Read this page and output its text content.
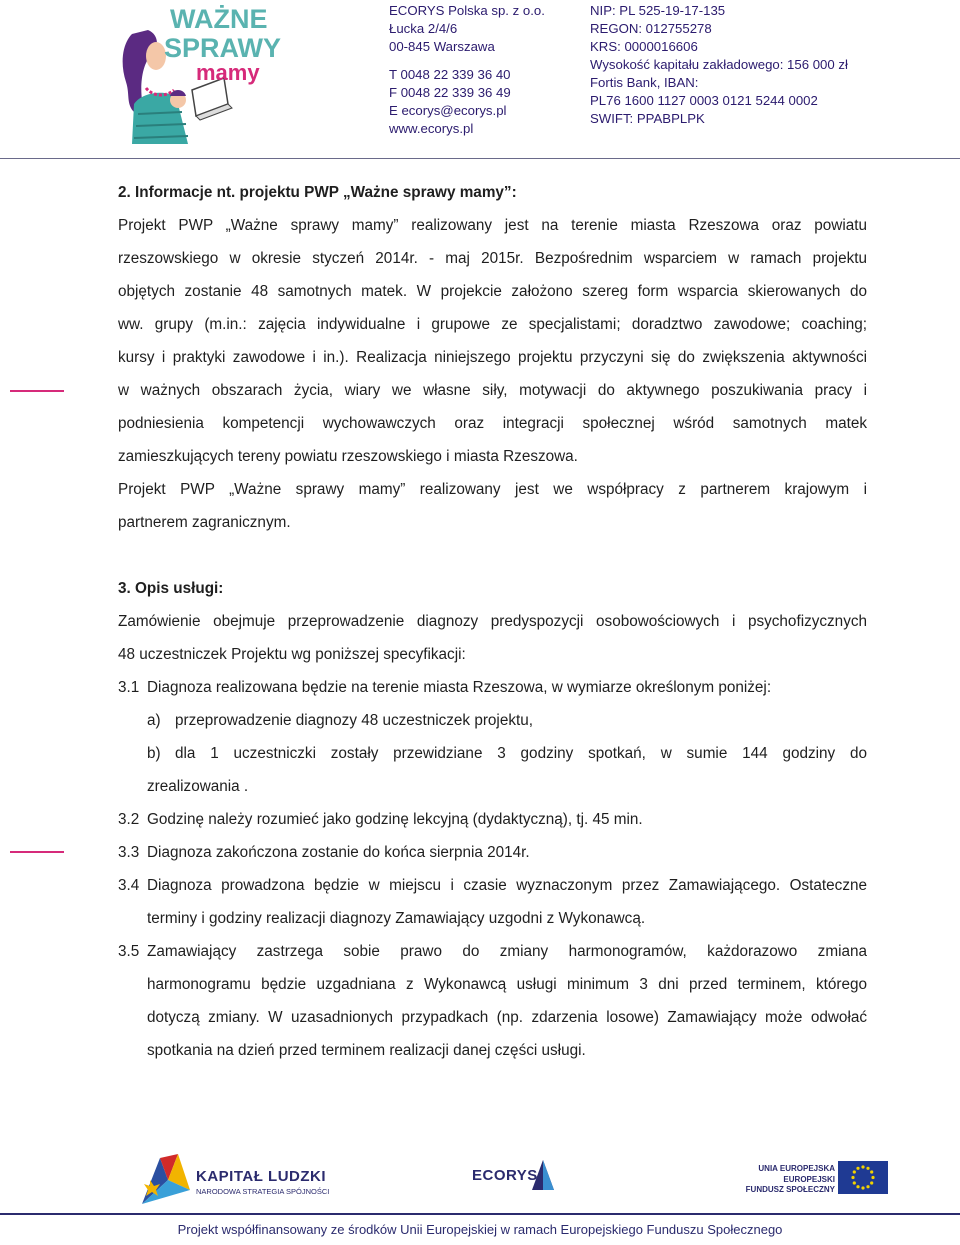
WAŻNE
SPRAWY
mamy
ECORYS Polska sp. z o.o.
Łucka 2/4/6
00-845 Warszawa
T 0048 22 339 36 40
F 0048 22 339 36 49
E ecorys@ecorys.pl
www.ecorys.pl
NIP: PL 525-19-17-135
REGON: 012755278
KRS: 0000016606
Wysokość kapitału zakładowego: 156 000 zł
Fortis Bank, IBAN:
PL76 1600 1127 0003 0121 5244 0002
SWIFT: PPABPLPK
2. Informacje nt. projektu PWP „Ważne sprawy mamy”:
Projekt PWP „Ważne sprawy mamy” realizowany jest na terenie miasta Rzeszowa oraz powiatu
rzeszowskiego w okresie styczeń 2014r. - maj 2015r. Bezpośrednim wsparciem w ramach projektu
objętych zostanie 48 samotnych matek. W projekcie założono szereg form wsparcia skierowanych do
ww. grupy (m.in.: zajęcia indywidualne i grupowe ze specjalistami; doradztwo zawodowe; coaching;
kursy i praktyki zawodowe i in.). Realizacja niniejszego projektu przyczyni się do zwiększenia aktywności
w ważnych obszarach życia, wiary we własne siły, motywacji do aktywnego poszukiwania pracy i
podniesienia kompetencji wychowawczych oraz integracji społecznej wśród samotnych matek
zamieszkujących tereny powiatu rzeszowskiego i miasta Rzeszowa.
Projekt PWP „Ważne sprawy mamy” realizowany jest we współpracy z partnerem krajowym i
partnerem zagranicznym.
3. Opis usługi:
Zamówienie obejmuje przeprowadzenie diagnozy predyspozycji osobowościowych i psychofizycznych
48 uczestniczek Projektu wg poniższej specyfikacji:
3.1 Diagnoza realizowana będzie na terenie miasta Rzeszowa, w wymiarze określonym poniżej:
a) przeprowadzenie diagnozy 48 uczestniczek projektu,
b) dla 1 uczestniczki zostały przewidziane 3 godziny spotkań, w sumie 144 godziny do
zrealizowania .
3.2 Godzinę należy rozumieć jako godzinę lekcyjną (dydaktyczną), tj. 45 min.
3.3 Diagnoza zakończona zostanie do końca sierpnia 2014r.
3.4 Diagnoza prowadzona będzie w miejscu i czasie wyznaczonym przez Zamawiającego. Ostateczne
terminy i godziny realizacji diagnozy Zamawiający uzgodni z Wykonawcą.
3.5 Zamawiający zastrzega sobie prawo do zmiany harmonogramów, każdorazowo zmiana
harmonogramu będzie uzgadniana z Wykonawcą usługi minimum 3 dni przed terminem, którego
dotyczą zmiany. W uzasadnionych przypadkach (np. zdarzenia losowe) Zamawiający może odwołać
spotkania na dzień przed terminem realizacji danej części usługi.
KAPITAŁ LUDZKI
NARODOWA STRATEGIA SPÓJNOŚCI
ECORYS	UNIA EUROPEJSKA
EUROPEJSKI
FUNDUSZ SPOŁECZNY
Projekt współfinansowany ze środków Unii Europejskiej w ramach Europejskiego Funduszu Społecznego
